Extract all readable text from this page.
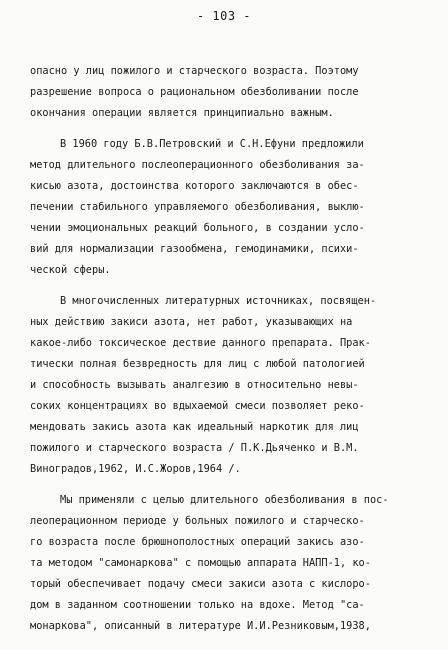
- 103 -
опасно у лиц пожилого и старческого возраста. Поэтому
разрешение вопроса о рациональном обезболивании после
окончания операции является принципиально важным.
В 1960 году Б.В.Петровский и С.Н.Ефуни предложили
метод длительного послеоперационного обезболивания за-
кисью азота, достоинства которого заключаются в обес-
печении стабильного управляемого обезболивания, выклю-
чении эмоциональных реакций больного, в создании усло-
вий для нормализации газообмена, гемодинамики, психи-
ческой сферы.
В многочисленных литературных источниках, посвящен-
ных действию закиси азота, нет работ, указывающих на
какое-либо токсическое дествие данного препарата. Прак-
тически полная безвредность для лиц с любой патологией
и способность вызывать аналгезию в относительно невы-
соких концентрациях во вдыхаемой смеси позволяет реко-
мендовать закись азота как идеальный наркотик для лиц
пожилого и старческого возраста / П.К.Дьяченко и В.М.
Виноградов,1962, И.С.Жоров,1964 /.
Мы применяли с целью длительного обезболивания в пос-
леоперационном периоде у больных пожилого и старческо-
го возраста после брюшнополостных операций закись азо-
та методом "самонаркова" с помощью аппарата НАПП-1, ко-
торый обеспечивает подачу смеси закиси азота с кислоро-
дом в заданном соотношении только на вдохе. Метод "са-
монаркова", описанный в литературе И.И.Резниковым,1938,
